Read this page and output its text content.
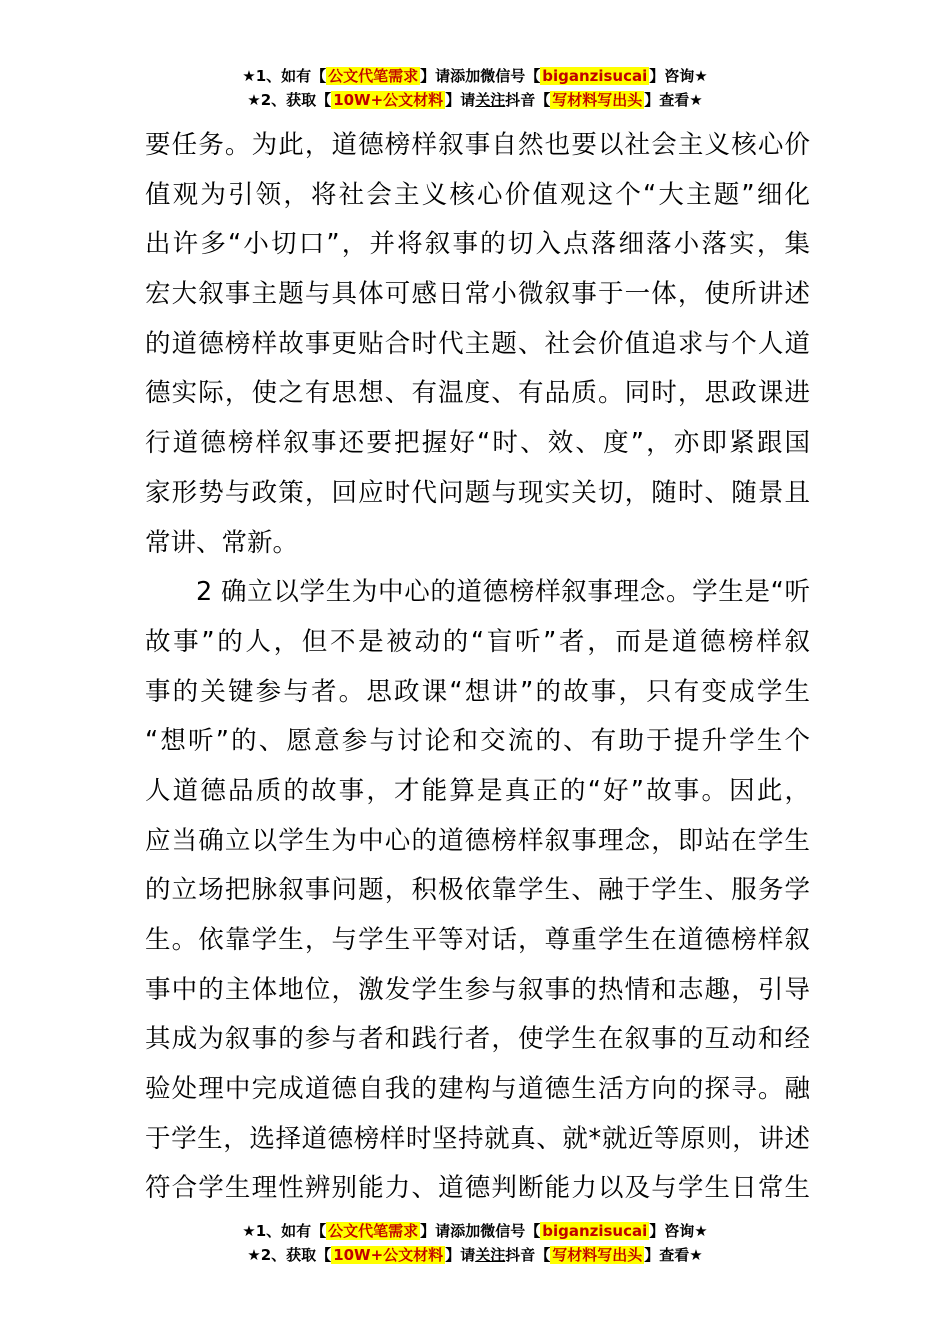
★1、如有【 公文代笔需求 】请添加微信号【 biganzisucai 】咨询★
★2、获取【 10W+公文材料 】请关注抖音【 写材料写出头 】查看★
要任务。为此，道德榜样叙事自然也要以社会主义核心价
值观为引领，将社会主义核心价值观这个“大主题”细化
出许多“小切口”，并将叙事的切入点落细落小落实，集
宏大叙事主题与具体可感日常小微叙事于一体，使所讲述
的道德榜样故事更贴合时代主题、社会价值追求与个人道
德实际，使之有思想、有温度、有品质。同时，思政课进
行道德榜样叙事还要把握好“时、效、度”，亦即紧跟国
家形势与政策，回应时代问题与现实关切，随时、随景且
常讲、常新。
2 确立以学生为中心的道德榜样叙事理念。学生是“听
故事”的人，但不是被动的“盲听”者，而是道德榜样叙
事的关键参与者。思政课“想讲”的故事，只有变成学生
“想听”的、愿意参与讨论和交流的、有助于提升学生个
人道德品质的故事，才能算是真正的“好”故事。因此，
应当确立以学生为中心的道德榜样叙事理念，即站在学生
的立场把脉叙事问题，积极依靠学生、融于学生、服务学
生。依靠学生，与学生平等对话，尊重学生在道德榜样叙
事中的主体地位，激发学生参与叙事的热情和志趣，引导
其成为叙事的参与者和践行者，使学生在叙事的互动和经
验处理中完成道德自我的建构与道德生活方向的探寻。融
于学生，选择道德榜样时坚持就真、就*就近等原则，讲述
符合学生理性辨别能力、道德判断能力以及与学生日常生
★1、如有【 公文代笔需求 】请添加微信号【 biganzisucai 】咨询★
★2、获取【 10W+公文材料 】请关注抖音【 写材料写出头 】查看★
